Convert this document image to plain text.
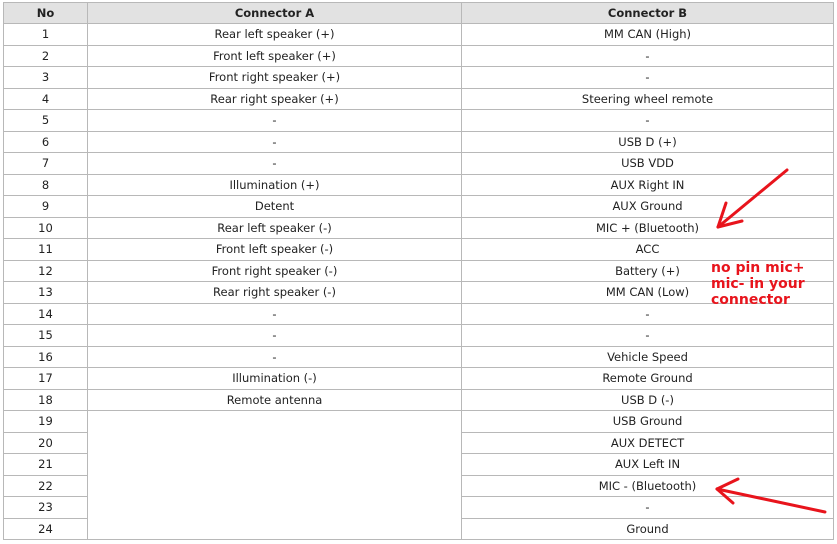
No	Connector A	Connector B
1	Rear left speaker (+)	MM CAN (High)
2	Front left speaker (+)	-
3	Front right speaker (+)	-
4	Rear right speaker (+)	Steering wheel remote
5	-	-
6	-	USB D (+)
7	-	USB VDD
8	Illumination (+)	AUX Right IN
9	Detent	AUX Ground
10	Rear left speaker (-)	MIC + (Bluetooth)
11	Front left speaker (-)	ACC
12	Front right speaker (-)	Battery (+)
13	Rear right speaker (-)	MM CAN (Low)
14	-	-
15	-	-
16	-	Vehicle Speed
17	Illumination (-)	Remote Ground
18	Remote antenna	USB D (-)
19		USB Ground
20		AUX DETECT
21		AUX Left IN
22		MIC - (Bluetooth)
23		-
24		Ground
no pin mic+
mic- in your
connector
